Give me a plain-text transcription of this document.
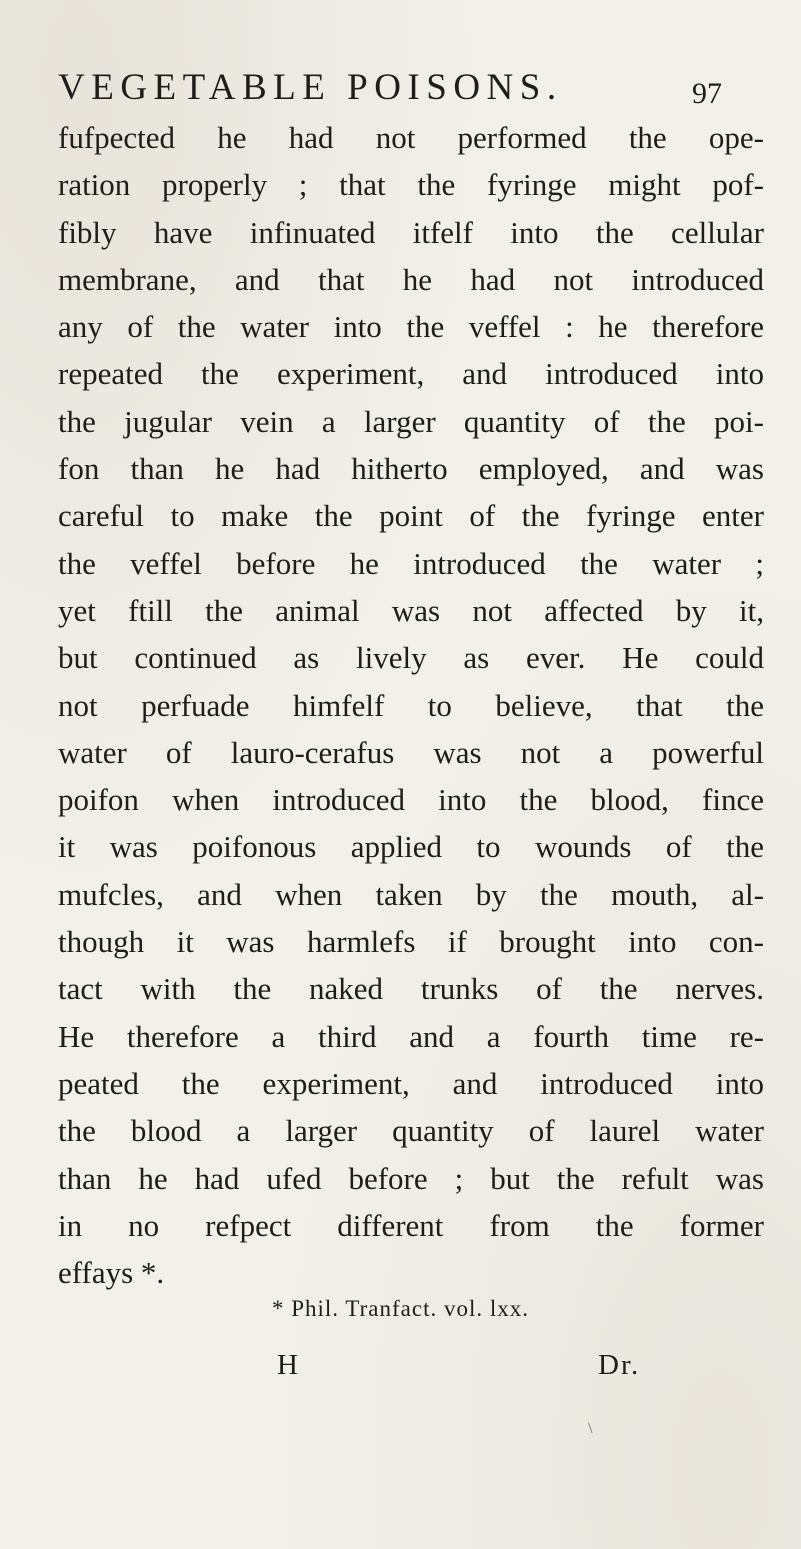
VEGETABLE POISONS.	97
fufpected he had not performed the ope-
ration properly ; that the fyringe might pof-
fibly have infinuated itfelf into the cellular
membrane, and that he had not introduced
any of the water into the veffel : he therefore
repeated the experiment, and introduced into
the jugular vein a larger quantity of the poi-
fon than he had hitherto employed, and was
careful to make the point of the fyringe enter
the veffel before he introduced the water ;
yet ftill the animal was not affected by it,
but continued as lively as ever. He could
not perfuade himfelf to believe, that the
water of lauro-cerafus was not a powerful
poifon when introduced into the blood, fince
it was poifonous applied to wounds of the
mufcles, and when taken by the mouth, al-
though it was harmlefs if brought into con-
tact with the naked trunks of the nerves.
He therefore a third and a fourth time re-
peated the experiment, and introduced into
the blood a larger quantity of laurel water
than he had ufed before ; but the refult was
in no refpect different from the former
effays *.
* Phil. Tranfact. vol. lxx.
H	Dr.
\
